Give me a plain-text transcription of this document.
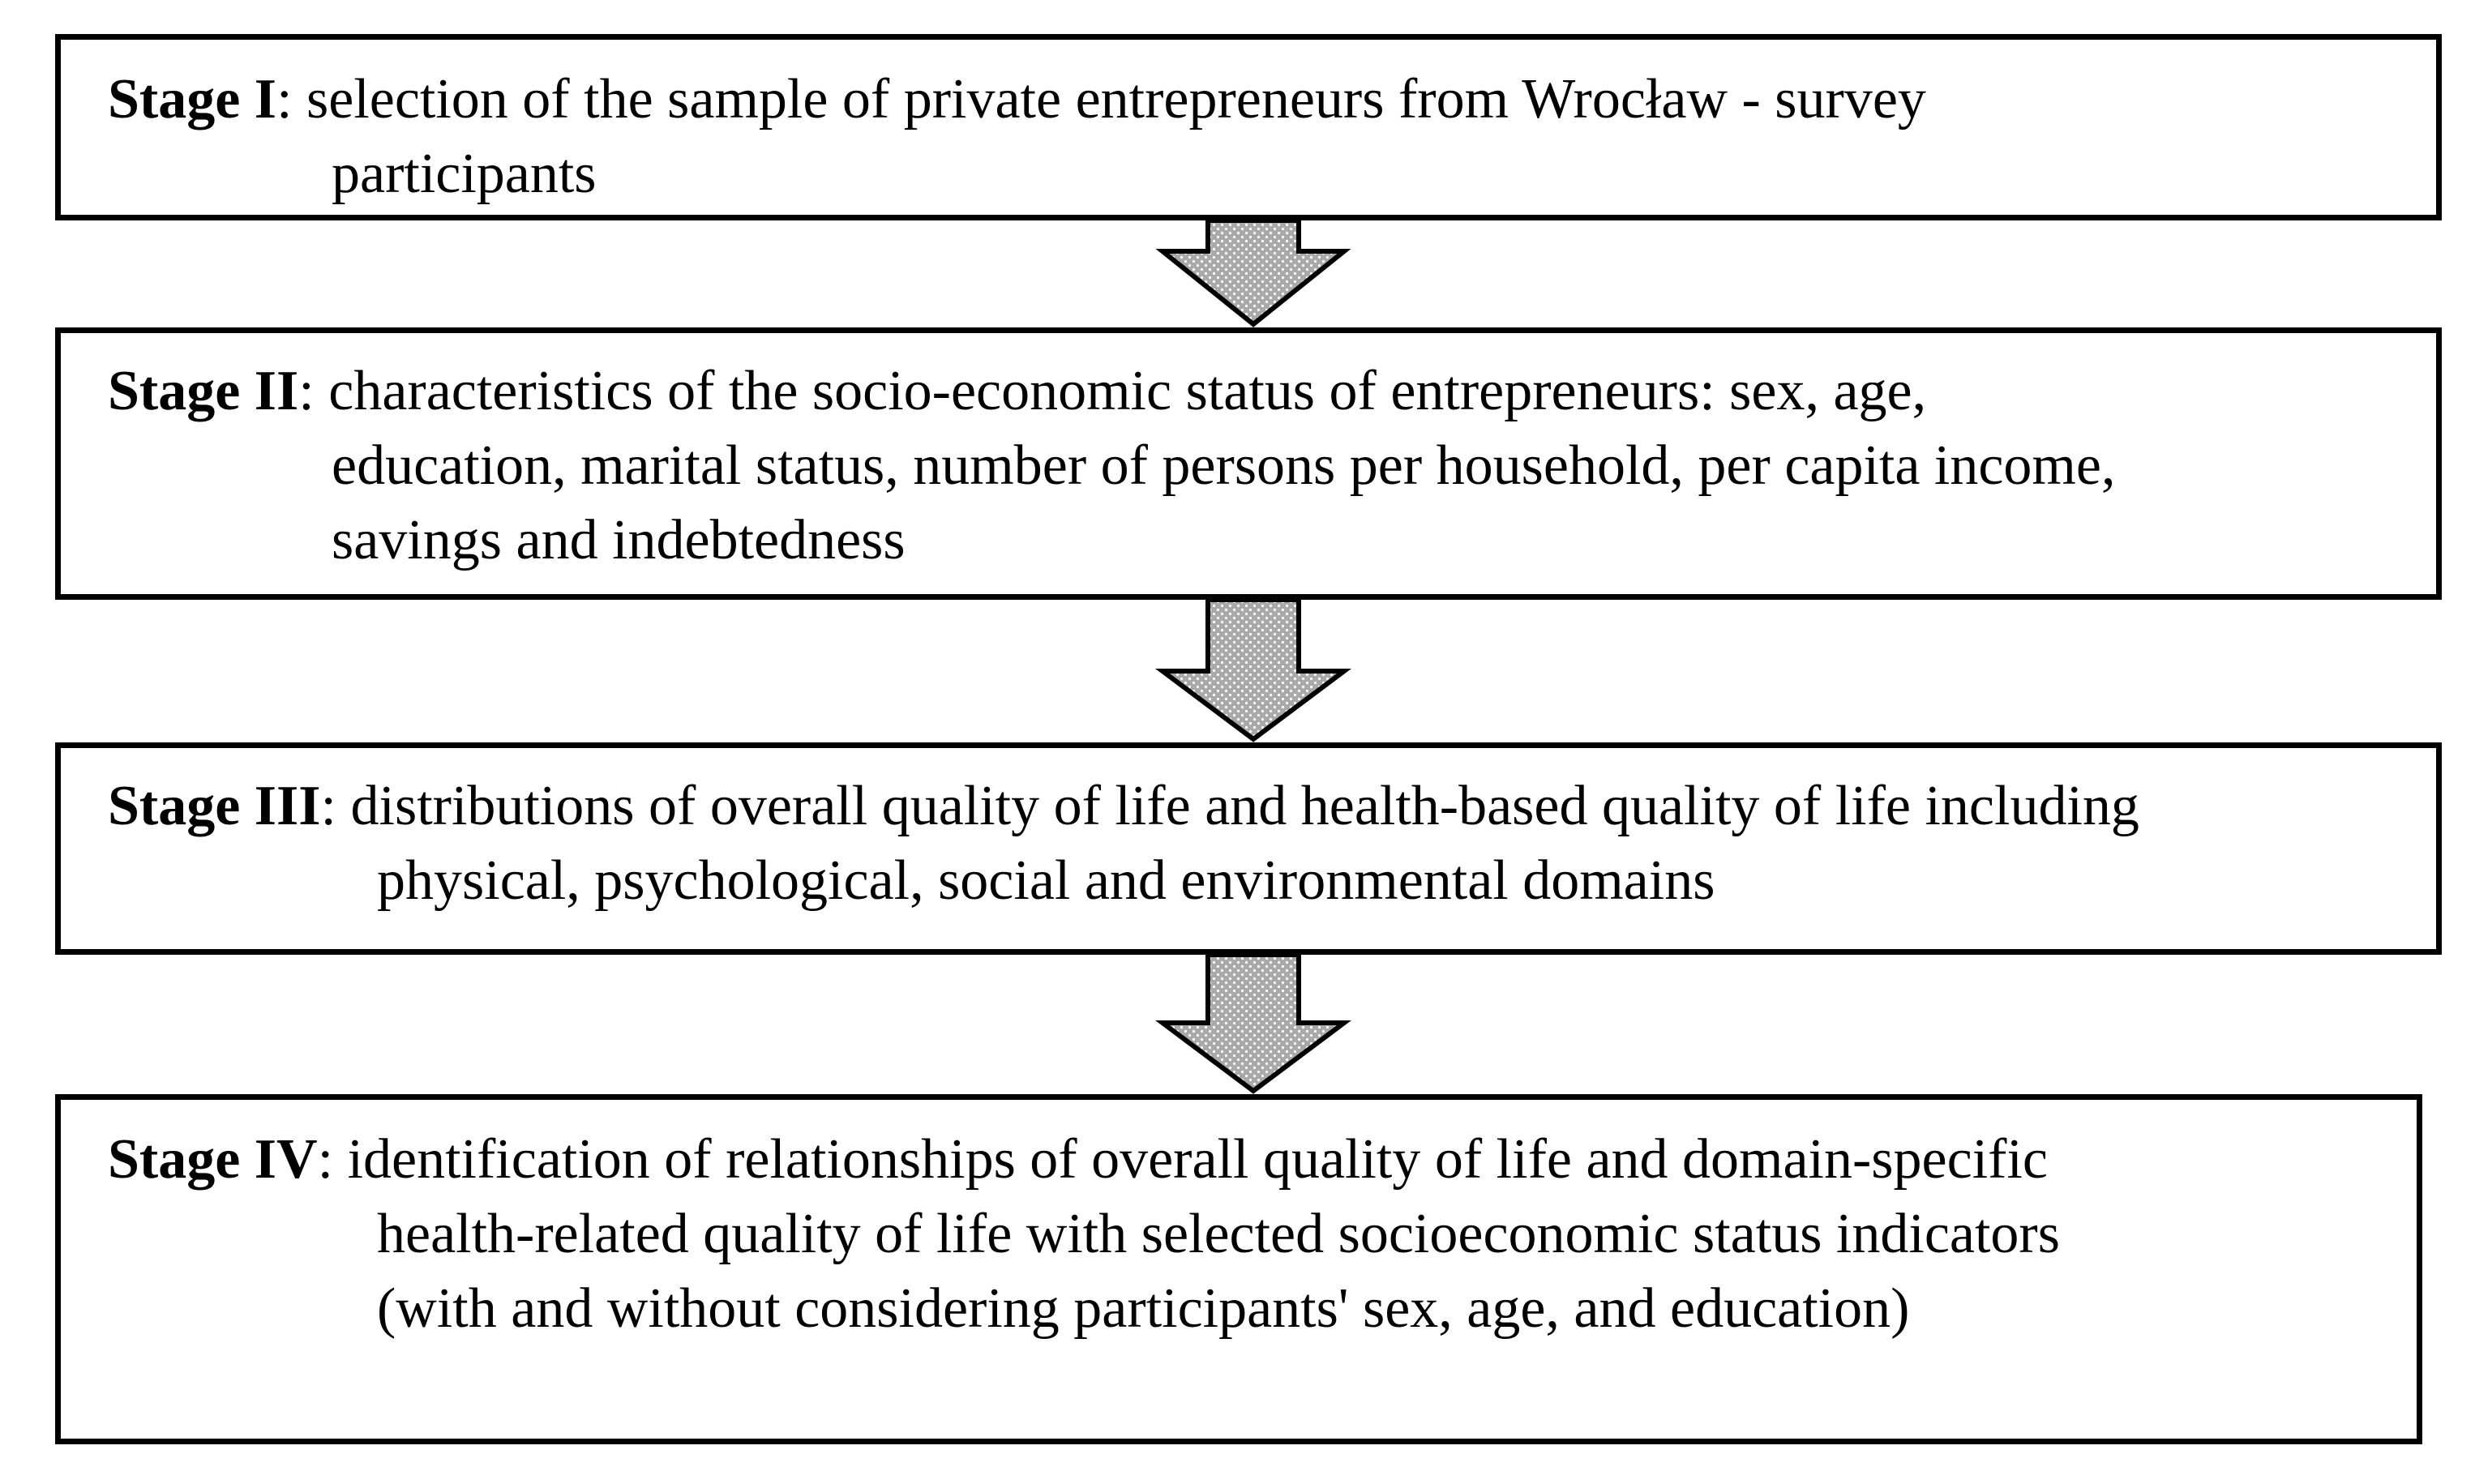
Stage I: selection of the sample of private entrepreneurs from Wrocław - survey
participants
Stage II: characteristics of the socio-economic status of entrepreneurs: sex, age,
education, marital status, number of persons per household, per capita income,
savings and indebtedness
Stage III: distributions of overall quality of life and health-based quality of life including
physical, psychological, social and environmental domains
Stage IV: identification of relationships of overall quality of life and domain-specific
health-related quality of life with selected socioeconomic status indicators
(with and without considering participants' sex, age, and education)
